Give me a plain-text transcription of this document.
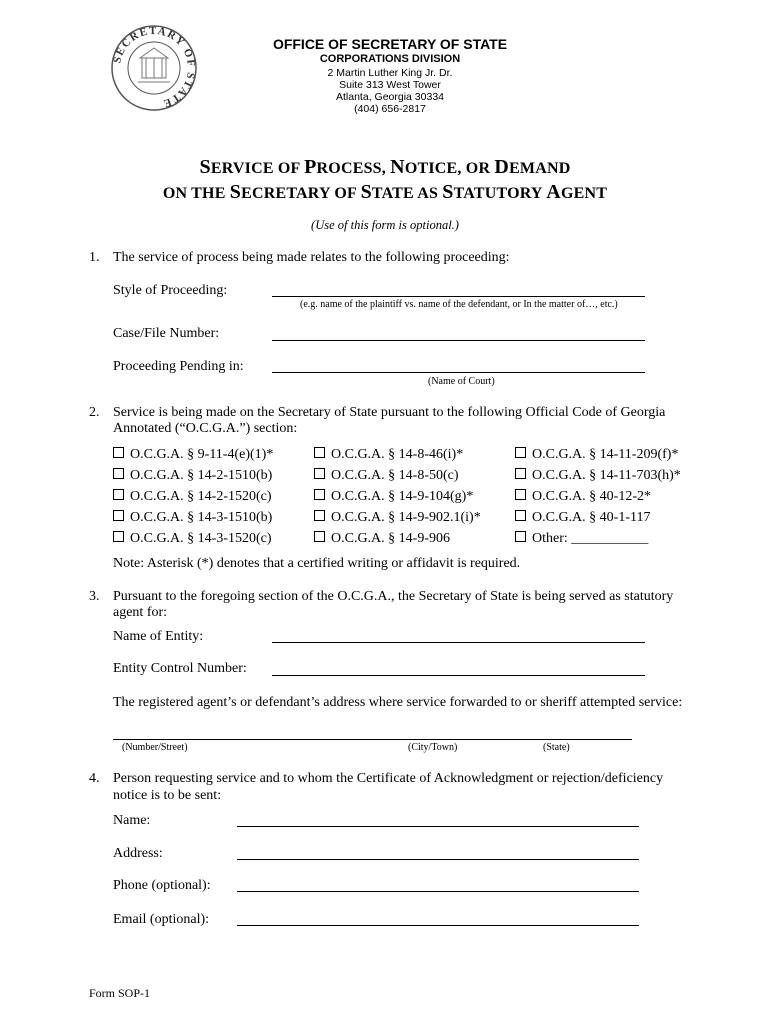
SECRETARY OF STATE
OFFICE OF SECRETARY OF STATE
CORPORATIONS DIVISION
2 Martin Luther King Jr. Dr.
Suite 313 West Tower
Atlanta, Georgia 30334
(404) 656-2817
SERVICE OF PROCESS, NOTICE, OR DEMAND
ON THE SECRETARY OF STATE AS STATUTORY AGENT
(Use of this form is optional.)
1. The service of process being made relates to the following proceeding:
Style of Proceeding:
(e.g. name of the plaintiff vs. name of the defendant, or In the matter of…, etc.)
Case/File Number:
Proceeding Pending in:
(Name of Court)
2. Service is being made on the Secretary of State pursuant to the following Official Code of Georgia
Annotated (“O.C.G.A.”) section:
O.C.G.A. § 9-11-4(e)(1)*
O.C.G.A. § 14-2-1510(b)
O.C.G.A. § 14-2-1520(c)
O.C.G.A. § 14-3-1510(b)
O.C.G.A. § 14-3-1520(c)
O.C.G.A. § 14-8-46(i)*
O.C.G.A. § 14-8-50(c)
O.C.G.A. § 14-9-104(g)*
O.C.G.A. § 14-9-902.1(i)*
O.C.G.A. § 14-9-906
O.C.G.A. § 14-11-209(f)*
O.C.G.A. § 14-11-703(h)*
O.C.G.A. § 40-12-2*
O.C.G.A. § 40-1-117
Other: ___________
Note: Asterisk (*) denotes that a certified writing or affidavit is required.
3. Pursuant to the foregoing section of the O.C.G.A., the Secretary of State is being served as statutory
agent for:
Name of Entity:
Entity Control Number:
The registered agent’s or defendant’s address where service forwarded to or sheriff attempted service:
(Number/Street)	(City/Town)	(State)
4. Person requesting service and to whom the Certificate of Acknowledgment or rejection/deficiency
notice is to be sent:
Name:
Address:
Phone (optional):
Email (optional):
Form SOP-1
